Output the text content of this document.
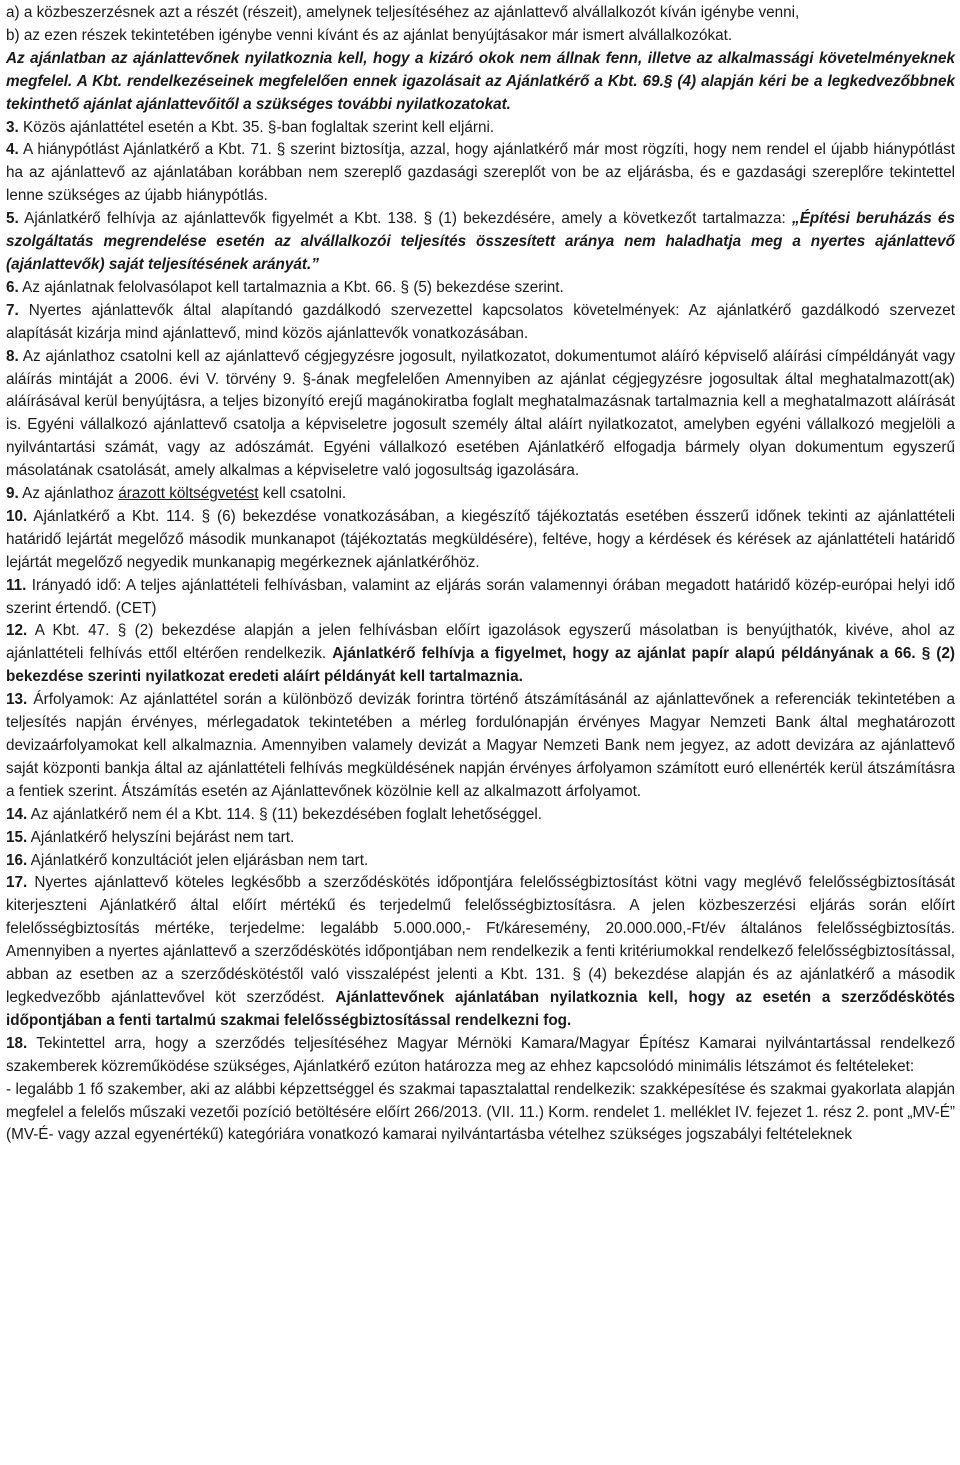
a) a közbeszerzésnek azt a részét (részeit), amelynek teljesítéséhez az ajánlattevő alvállalkozót kíván igénybe venni,

b) az ezen részek tekintetében igénybe venni kívánt és az ajánlat benyújtásakor már ismert alvállalkozókat.

Az ajánlatban az ajánlattevőnek nyilatkoznia kell, hogy a kizáró okok nem állnak fenn, illetve az alkalmassági követelményeknek megfelel. A Kbt. rendelkezéseinek megfelelően ennek igazolásait az Ajánlatkérő a Kbt. 69.§ (4) alapján kéri be a legkedvezőbbnek tekinthető ajánlat ajánlattevőitől a szükséges további nyilatkozatokat.

3. Közös ajánlattétel esetén a Kbt. 35. §-ban foglaltak szerint kell eljárni.

4. A hiánypótlást Ajánlatkérő a Kbt. 71. § szerint biztosítja, azzal, hogy ajánlatkérő már most rögzíti, hogy nem rendel el újabb hiánypótlást ha az ajánlattevő az ajánlatában korábban nem szereplő gazdasági szereplőt von be az eljárásba, és e gazdasági szereplőre tekintettel lenne szükséges az újabb hiánypótlás.

5. Ajánlatkérő felhívja az ajánlattevők figyelmét a Kbt. 138. § (1) bekezdésére, amely a következőt tartalmazza: „Építési beruházás és szolgáltatás megrendelése esetén az alvállalkozói teljesítés összesített aránya nem haladhatja meg a nyertes ajánlattevő (ajánlattevők) saját teljesítésének arányát.”

6. Az ajánlatnak felolvasólapot kell tartalmaznia a Kbt. 66. § (5) bekezdése szerint.

7. Nyertes ajánlattevők által alapítandó gazdálkodó szervezettel kapcsolatos követelmények: Az ajánlatkérő gazdálkodó szervezet alapítását kizárja mind ajánlattevő, mind közös ajánlattevők vonatkozásában.

8. Az ajánlathoz csatolni kell az ajánlattevő cégjegyzésre jogosult, nyilatkozatot, dokumentumot aláíró képviselő aláírási címpéldányát vagy aláírás mintáját a 2006. évi V. törvény 9. §-ának megfelelően Amennyiben az ajánlat cégjegyzésre jogosultak által meghatalmazott(ak) aláírásával kerül benyújtásra, a teljes bizonyító erejű magánokiratba foglalt meghatalmazásnak tartalmaznia kell a meghatalmazott aláírását is. Egyéni vállalkozó ajánlattevő csatolja a képviseletre jogosult személy által aláírt nyilatkozatot, amelyben egyéni vállalkozó megjelöli a nyilvántartási számát, vagy az adószámát. Egyéni vállalkozó esetében Ajánlatkérő elfogadja bármely olyan dokumentum egyszerű másolatának csatolását, amely alkalmas a képviseletre való jogosultság igazolására.

9. Az ajánlathoz árazott költségvetést kell csatolni.

10. Ajánlatkérő a Kbt. 114. § (6) bekezdése vonatkozásában, a kiegészítő tájékoztatás esetében ésszerű időnek tekinti az ajánlattételi határidő lejártát megelőző második munkanapot (tájékoztatás megküldésére), feltéve, hogy a kérdések és kérések az ajánlattételi határidő lejártát megelőző negyedik munkanapig megérkeznek ajánlatkérőhöz.

11. Irányadó idő: A teljes ajánlattételi felhívásban, valamint az eljárás során valamennyi órában megadott határidő közép-európai helyi idő szerint értendő. (CET)

12. A Kbt. 47. § (2) bekezdése alapján a jelen felhívásban előírt igazolások egyszerű másolatban is benyújthatók, kivéve, ahol az ajánlattételi felhívás ettől eltérően rendelkezik. Ajánlatkérő felhívja a figyelmet, hogy az ajánlat papír alapú példányának a 66. § (2) bekezdése szerinti nyilatkozat eredeti aláírt példányát kell tartalmaznia.

13. Árfolyamok: Az ajánlattétel során a különböző devizák forintra történő átszámításánál az ajánlattevőnek a referenciák tekintetében a teljesítés napján érvényes, mérlegadatok tekintetében a mérleg fordulónapján érvényes Magyar Nemzeti Bank által meghatározott devizaárfolyamokat kell alkalmaznia. Amennyiben valamely devizát a Magyar Nemzeti Bank nem jegyez, az adott devizára az ajánlattevő saját központi bankja által az ajánlattételi felhívás megküldésének napján érvényes árfolyamon számított euró ellenérték kerül átszámításra a fentiek szerint. Átszámítás esetén az Ajánlattevőnek közölnie kell az alkalmazott árfolyamot.

14. Az ajánlatkérő nem él a Kbt. 114. § (11) bekezdésében foglalt lehetőséggel.

15. Ajánlatkérő helyszíni bejárást nem tart.

16. Ajánlatkérő konzultációt jelen eljárásban nem tart.

17. Nyertes ajánlattevő köteles legkésőbb a szerződéskötés időpontjára felelősségbiztosítást kötni vagy meglévő felelősségbiztosítását kiterjeszteni Ajánlatkérő által előírt mértékű és terjedelmű felelősségbiztosításra. A jelen közbeszerzési eljárás során előírt felelősségbiztosítás mértéke, terjedelme: legalább 5.000.000,- Ft/káresemény, 20.000.000,-Ft/év általános felelősségbiztosítás. Amennyiben a nyertes ajánlattevő a szerződéskötés időpontjában nem rendelkezik a fenti kritériumokkal rendelkező felelősségbiztosítással, abban az esetben az a szerződéskötéstől való visszalépést jelenti a Kbt. 131. § (4) bekezdése alapján és az ajánlatkérő a második legkedvezőbb ajánlattevővel köt szerződést. Ajánlattevőnek ajánlatában nyilatkoznia kell, hogy az esetén a szerződéskötés időpontjában a fenti tartalmú szakmai felelősségbiztosítással rendelkezni fog.

18. Tekintettel arra, hogy a szerződés teljesítéséhez Magyar Mérnöki Kamara/Magyar Építész Kamarai nyilvántartással rendelkező szakemberek közreműködése szükséges, Ajánlatkérő ezúton határozza meg az ehhez kapcsolódó minimális létszámot és feltételeket:

- legalább 1 fő szakember, aki az alábbi képzettséggel és szakmai tapasztalattal rendelkezik: szakképesítése és szakmai gyakorlata alapján megfelel a felelős műszaki vezetői pozíció betöltésére előírt 266/2013. (VII. 11.) Korm. rendelet 1. melléklet IV. fejezet 1. rész 2. pont „MV-É” (MV-É- vagy azzal egyenértékű) kategóriára vonatkozó kamarai nyilvántartásba vételhez szükséges jogszabályi feltételeknek
